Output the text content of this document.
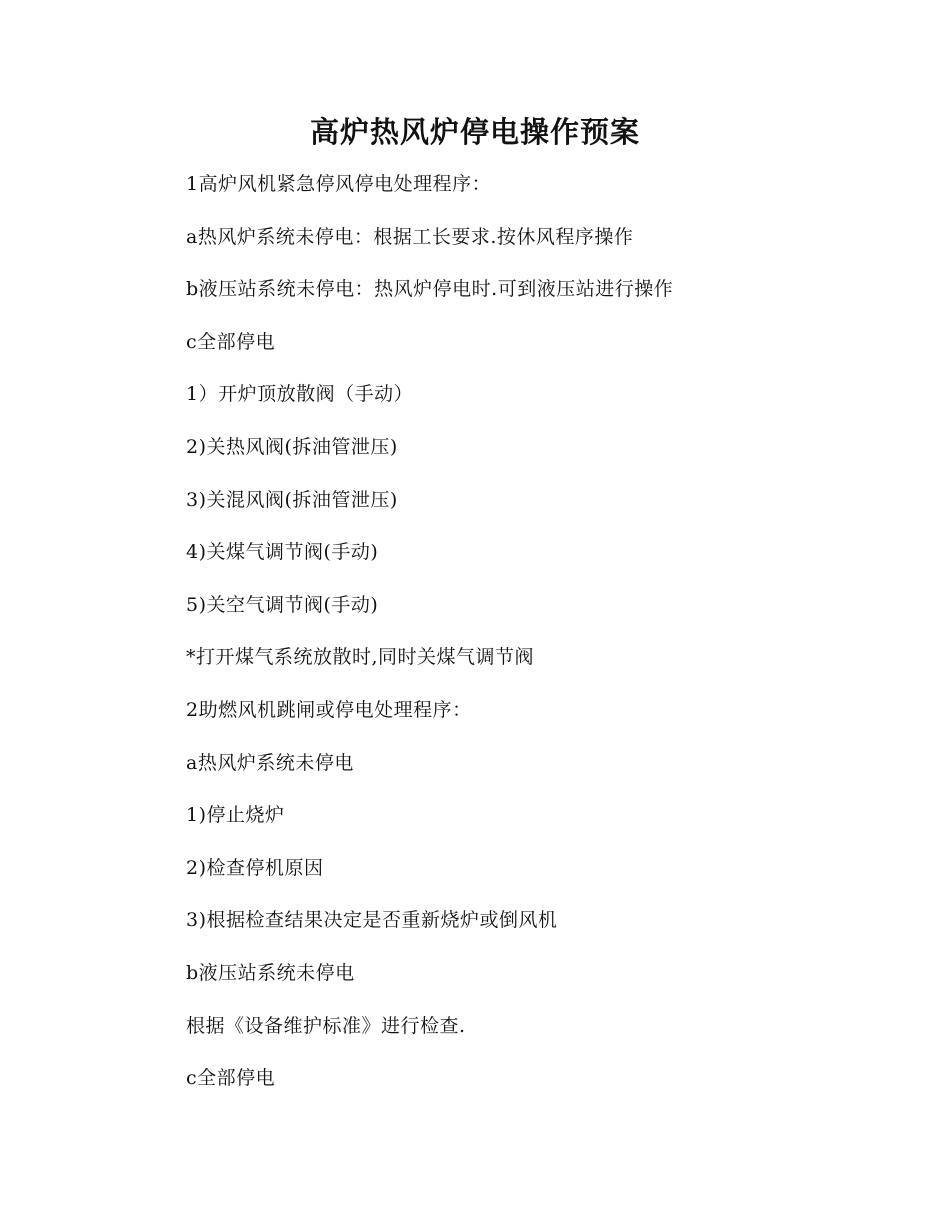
高炉热风炉停电操作预案
1高炉风机紧急停风停电处理程序：
a热风炉系统未停电：根据工长要求.按休风程序操作
b液压站系统未停电：热风炉停电时.可到液压站进行操作
c全部停电
1）开炉顶放散阀（手动）
2)关热风阀(拆油管泄压)
3)关混风阀(拆油管泄压)
4)关煤气调节阀(手动)
5)关空气调节阀(手动)
*打开煤气系统放散时,同时关煤气调节阀
2助燃风机跳闸或停电处理程序：
a热风炉系统未停电
1)停止烧炉
2)检查停机原因
3)根据检查结果决定是否重新烧炉或倒风机
b液压站系统未停电
根据《设备维护标准》进行检查.
c全部停电
